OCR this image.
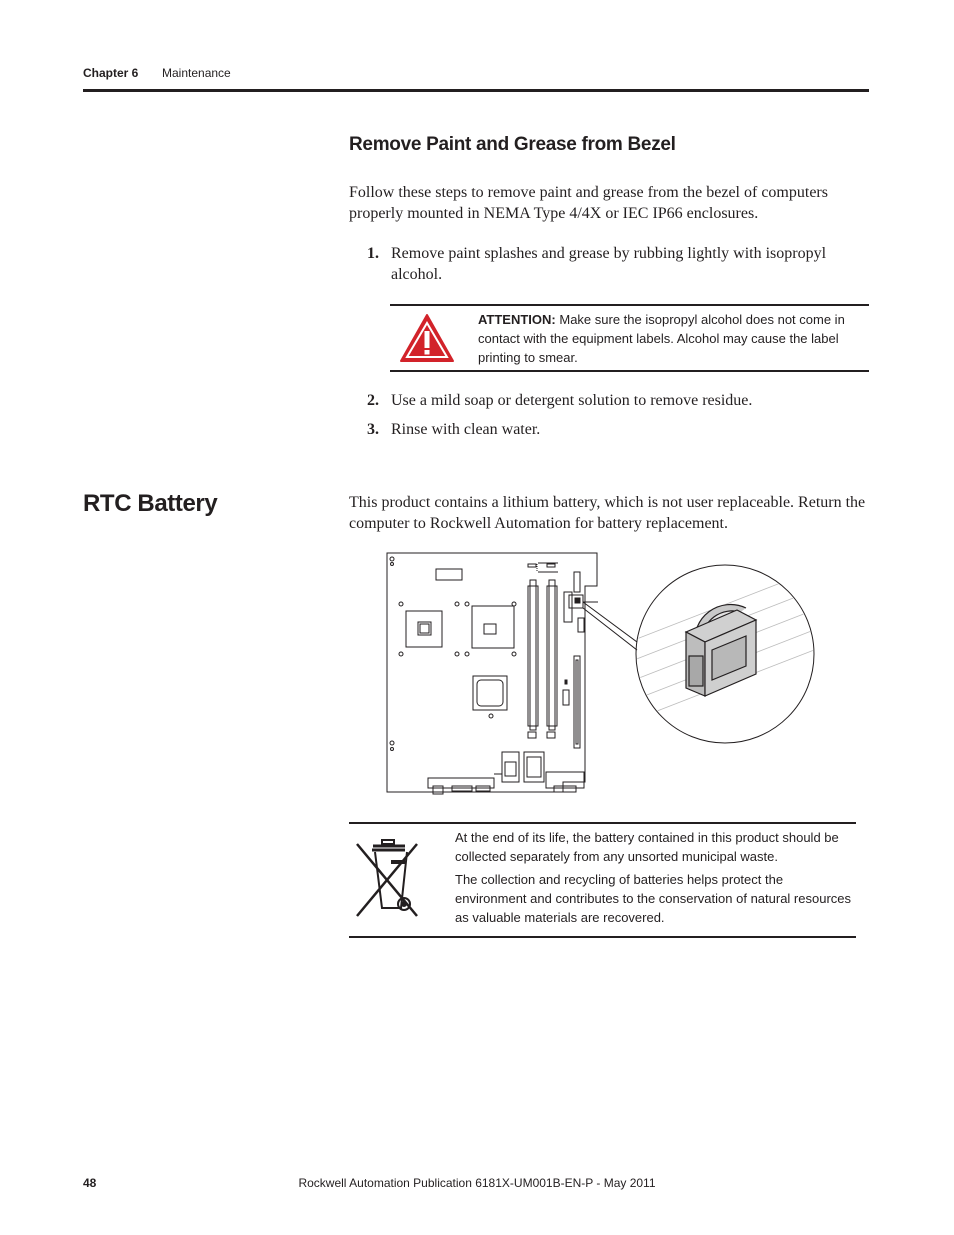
Chapter 6 Maintenance
Remove Paint and Grease from Bezel
Follow these steps to remove paint and grease from the bezel of computers properly mounted in NEMA Type 4/4X or IEC IP66 enclosures.
1. Remove paint splashes and grease by rubbing lightly with isopropyl alcohol.
ATTENTION: Make sure the isopropyl alcohol does not come in contact with the equipment labels. Alcohol may cause the label printing to smear.
2. Use a mild soap or detergent solution to remove residue.
3. Rinse with clean water.
RTC Battery	This product contains a lithium battery, which is not user replaceable. Return the computer to Rockwell Automation for battery replacement.

At the end of its life, the battery contained in this product should be collected separately from any unsorted municipal waste.

The collection and recycling of batteries helps protect the environment and contributes to the conservation of natural resources as valuable materials are recovered.

48	Rockwell Automation Publication 6181X-UM001B-EN-P - May 2011
